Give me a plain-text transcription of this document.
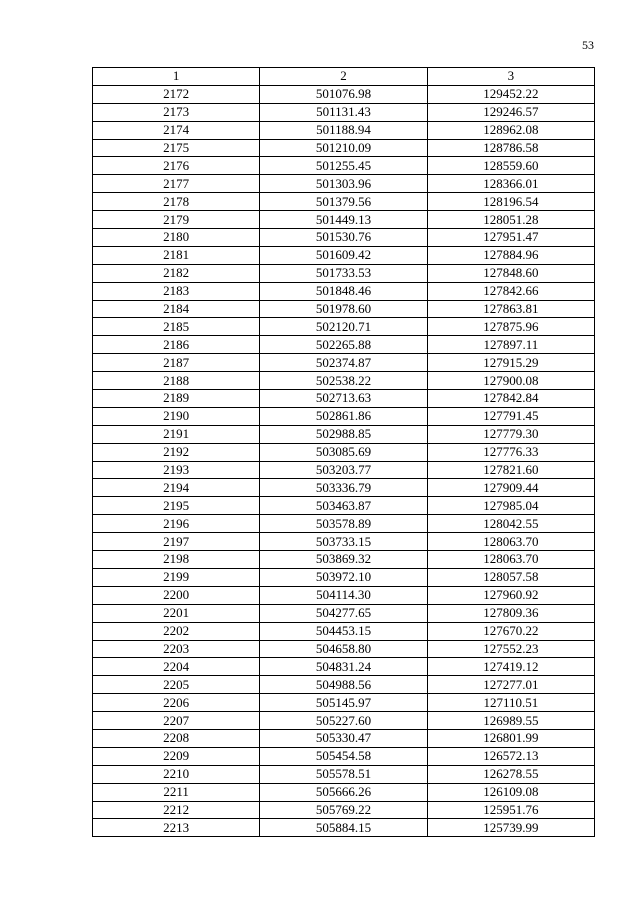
53
1	2	3
2172	501076.98	129452.22
2173	501131.43	129246.57
2174	501188.94	128962.08
2175	501210.09	128786.58
2176	501255.45	128559.60
2177	501303.96	128366.01
2178	501379.56	128196.54
2179	501449.13	128051.28
2180	501530.76	127951.47
2181	501609.42	127884.96
2182	501733.53	127848.60
2183	501848.46	127842.66
2184	501978.60	127863.81
2185	502120.71	127875.96
2186	502265.88	127897.11
2187	502374.87	127915.29
2188	502538.22	127900.08
2189	502713.63	127842.84
2190	502861.86	127791.45
2191	502988.85	127779.30
2192	503085.69	127776.33
2193	503203.77	127821.60
2194	503336.79	127909.44
2195	503463.87	127985.04
2196	503578.89	128042.55
2197	503733.15	128063.70
2198	503869.32	128063.70
2199	503972.10	128057.58
2200	504114.30	127960.92
2201	504277.65	127809.36
2202	504453.15	127670.22
2203	504658.80	127552.23
2204	504831.24	127419.12
2205	504988.56	127277.01
2206	505145.97	127110.51
2207	505227.60	126989.55
2208	505330.47	126801.99
2209	505454.58	126572.13
2210	505578.51	126278.55
2211	505666.26	126109.08
2212	505769.22	125951.76
2213	505884.15	125739.99
